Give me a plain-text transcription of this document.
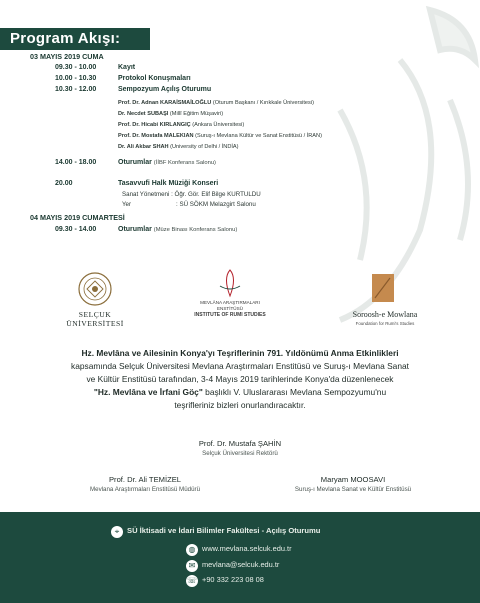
Program Akışı:
03 MAYIS 2019 CUMA
09.30 - 10.00	Kayıt
10.00 - 10.30	Protokol Konuşmaları
10.30 - 12.00	Sempozyum Açılış Oturumu
Prof. Dr. Adnan KARAİSMAİLOĞLU (Oturum Başkanı / Kırıkkale Üniversitesi)
Dr. Necdet SUBAŞI (Millî Eğitim Müşaviri)
Prof. Dr. Hicabi KIRLANGIÇ (Ankara Üniversitesi)
Prof. Dr. Mostafa MALEKIAN (Suruş-ı Mevlana Kültür ve Sanat Enstitüsü / İRAN)
Dr. Ali Akbar SHAH (University of Delhi / İNDİA)
14.00 - 18.00	Oturumlar (İİBF Konferans Salonu)
20.00	Tasavvufi Halk Müziği Konseri
Sanat Yönetmeni : Öğr. Gör. Elif Bilge KURTULDU
Yer	: SÜ SÖKM Melazgirt Salonu
04 MAYIS 2019 CUMARTESİ
09.30 - 14.00	Oturumlar (Müze Binası Konferans Salonu)
SELÇUK
ÜNİVERSİTESİ
MEVLÂNA ARAŞTIRMALARI ENSTİTÜSÜ
INSTITUTE OF RUMI STUDIES	Soroosh-e Mowlana
Foundation for Rumi's Studies
Hz. Mevlâna ve Ailesinin Konya'yı Teşriflerinin 791. Yıldönümü Anma Etkinlikleri
kapsamında Selçuk Üniversitesi Mevlana Araştırmaları Enstitüsü ve Suruş-ı Mevlana Sanat
ve Kültür Enstitüsü tarafından, 3-4 Mayıs 2019 tarihlerinde Konya'da düzenlenecek
"Hz. Mevlâna ve İrfani Göç" başlıklı V. Uluslararası Mevlana Sempozyumu'nu
teşrifleriniz bizleri onurlandıracaktır.
Prof. Dr. Mustafa ŞAHİN
Selçuk Üniversitesi Rektörü
Prof. Dr. Ali TEMİZEL
Mevlana Araştırmaları Enstitüsü Müdürü
Maryam MOOSAVI
Suruş-ı Mevlana Sanat ve Kültür Enstitüsü
⌖	SÜ İktisadi ve İdari Bilimler Fakültesi - Açılış Oturumu
◍ www.mevlana.selcuk.edu.tr
✉ mevlana@selcuk.edu.tr
☏ +90 332 223 08 08
